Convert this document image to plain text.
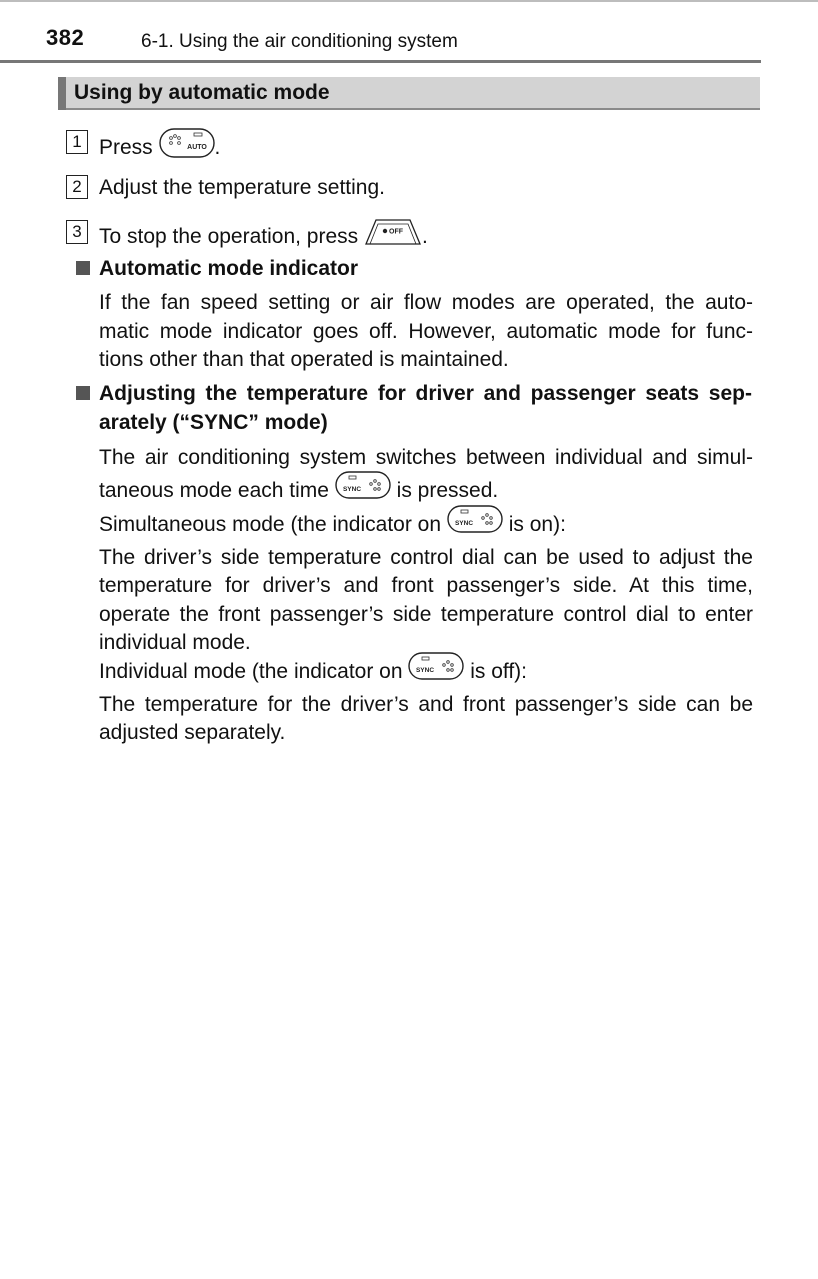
382	6-1. Using the air conditioning system
Using by automatic mode
1 Press	AUTO .
2 Adjust the temperature setting.
3 To stop the operation, press	OFF .
Automatic mode indicator
If the fan speed setting or air flow modes are operated, the auto-
matic mode indicator goes off. However, automatic mode for func-
tions other than that operated is maintained.
Adjusting the temperature for driver and passenger seats sep-
arately (“SYNC” mode)
The air conditioning system switches between individual and simul-
taneous mode each time SYNC is pressed.
Simultaneous mode (the indicator on SYNC is on):
The driver’s side temperature control dial can be used to adjust the
temperature for driver’s and front passenger’s side. At this time,
operate the front passenger’s side temperature control dial to enter
individual mode.
Individual mode (the indicator on SYNC is off):
The temperature for the driver’s and front passenger’s side can be
adjusted separately.
